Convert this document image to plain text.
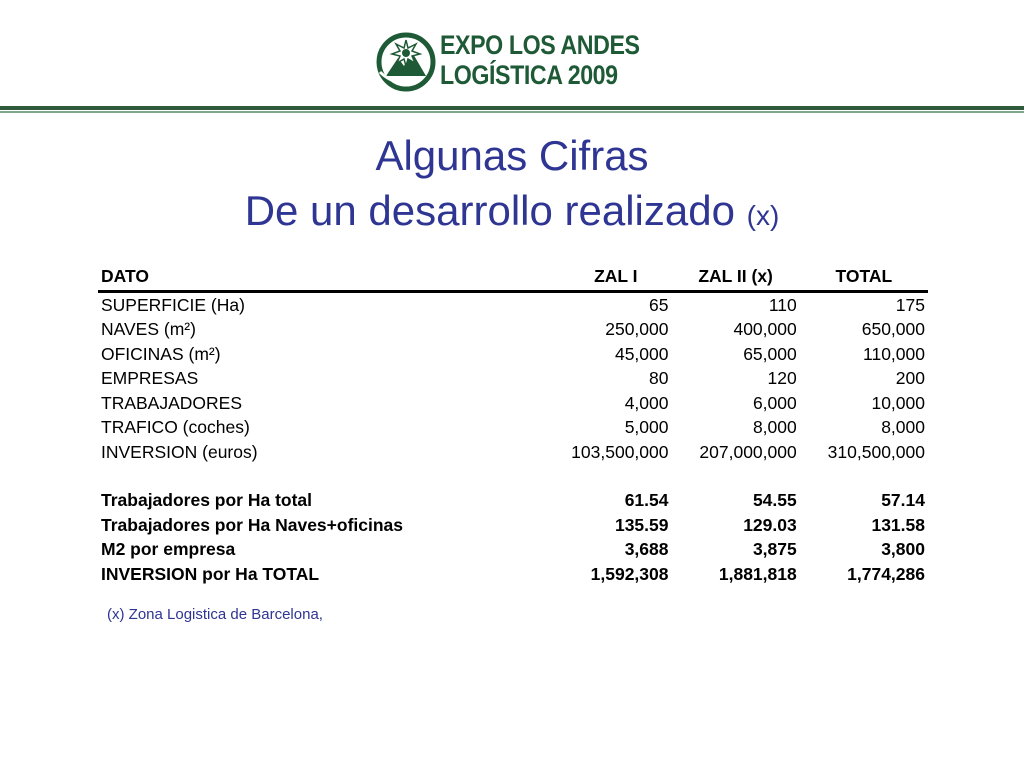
EXPO LOS ANDES
LOGÍSTICA 2009
Algunas Cifras
De un desarrollo realizado (x)
DATO	ZAL I	ZAL II (x)	TOTAL
SUPERFICIE (Ha)	65	110	175
NAVES (m²)	250,000	400,000	650,000
OFICINAS (m²)	45,000	65,000	110,000
EMPRESAS	80	120	200
TRABAJADORES	4,000	6,000	10,000
TRAFICO (coches)	5,000	8,000	8,000
INVERSION (euros)	103,500,000	207,000,000	310,500,000

Trabajadores por Ha total	61.54	54.55	57.14
Trabajadores por Ha Naves+oficinas	135.59	129.03	131.58
M2 por empresa	3,688	3,875	3,800
INVERSION por Ha TOTAL	1,592,308	1,881,818	1,774,286
(x) Zona Logistica de Barcelona,
